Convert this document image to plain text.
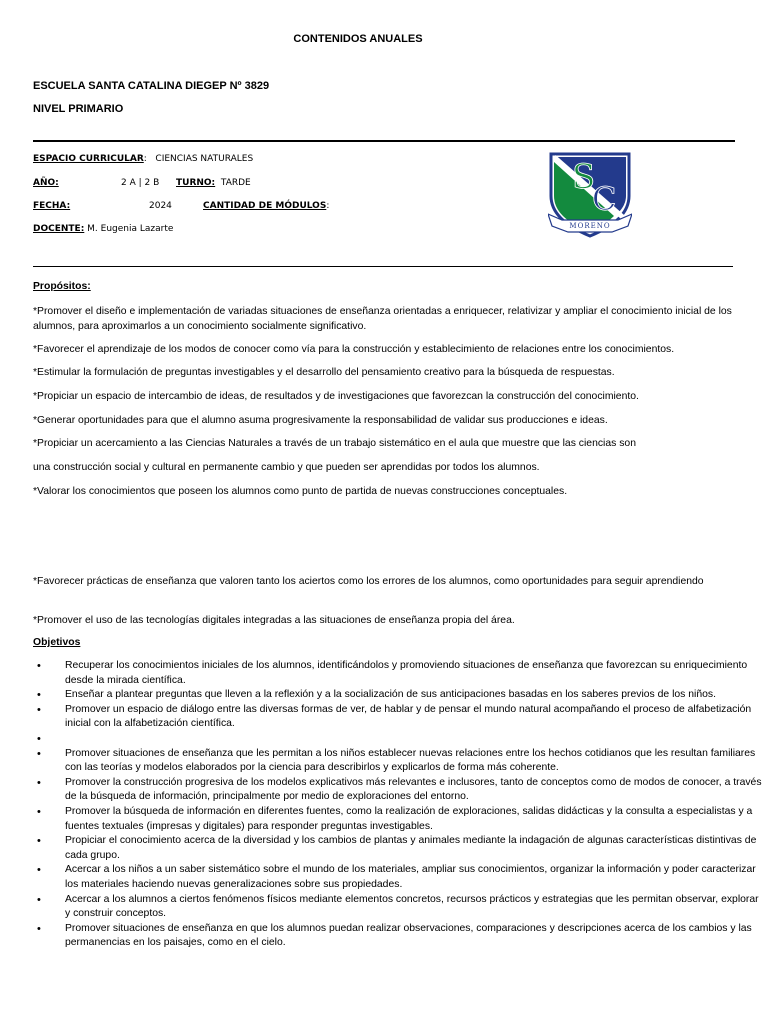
CONTENIDOS ANUALES
ESCUELA SANTA CATALINA DIEGEP Nº 3829
NIVEL PRIMARIO
ESPACIO CURRICULAR:   CIENCIAS NATURALES
AÑO:	2 A | 2 B TURNO: TARDE
FECHA:	2024	CANTIDAD DE MÓDULOS:
DOCENTE: M. Eugenia Lazarte
S
C
MORENO
Propósitos:
*Promover el diseño e implementación de variadas situaciones de enseñanza orientadas a enriquecer, relativizar y ampliar el conocimiento inicial de los alumnos, para aproximarlos a un conocimiento socialmente significativo.
*Favorecer el aprendizaje de los modos de conocer como vía para la construcción y establecimiento de relaciones entre los conocimientos.
*Estimular la formulación de preguntas investigables y el desarrollo del pensamiento creativo para la búsqueda de respuestas.
*Propiciar un espacio de intercambio de ideas, de resultados y de investigaciones que favorezcan la construcción del conocimiento.
*Generar oportunidades para que el alumno asuma progresivamente la responsabilidad de validar sus producciones e ideas.
*Propiciar un acercamiento a las Ciencias Naturales a través de un trabajo sistemático en el aula que muestre que las ciencias son
una construcción social y cultural en permanente cambio y que pueden ser aprendidas por todos los alumnos.
*Valorar los conocimientos que poseen los alumnos como punto de partida de nuevas construcciones conceptuales.
*Favorecer prácticas de enseñanza que valoren tanto los aciertos como los errores de los alumnos, como oportunidades para seguir aprendiendo
*Promover el uso de las tecnologías digitales integradas a las situaciones de enseñanza propia del área.
Objetivos
• Recuperar los conocimientos iniciales de los alumnos, identificándolos y promoviendo situaciones de enseñanza que favorezcan su enriquecimiento desde la mirada científica.
• Enseñar a plantear preguntas que lleven a la reflexión y a la socialización de sus anticipaciones basadas en los saberes previos de los niños.
• Promover un espacio de diálogo entre las diversas formas de ver, de hablar y de pensar el mundo natural acompañando el proceso de alfabetización inicial con la alfabetización científica.
•
• Promover situaciones de enseñanza que les permitan a los niños establecer nuevas relaciones entre los hechos cotidianos que les resultan familiares con las teorías y modelos elaborados por la ciencia para describirlos y explicarlos de forma más coherente.
• Promover la construcción progresiva de los modelos explicativos más relevantes e inclusores, tanto de conceptos como de modos de conocer, a través de la búsqueda de información, principalmente por medio de exploraciones del entorno.
• Promover la búsqueda de información en diferentes fuentes, como la realización de exploraciones, salidas didácticas y la consulta a especialistas y a fuentes textuales (impresas y digitales) para responder preguntas investigables.
• Propiciar el conocimiento acerca de la diversidad y los cambios de plantas y animales mediante la indagación de algunas características distintivas de cada grupo.
• Acercar a los niños a un saber sistemático sobre el mundo de los materiales, ampliar sus conocimientos, organizar la información y poder caracterizar los materiales haciendo nuevas generalizaciones sobre sus propiedades.
• Acercar a los alumnos a ciertos fenómenos físicos mediante elementos concretos, recursos prácticos y estrategias que les permitan observar, explorar y construir conceptos.
• Promover situaciones de enseñanza en que los alumnos puedan realizar observaciones, comparaciones y descripciones acerca de los cambios y las permanencias en los paisajes, como en el cielo.
